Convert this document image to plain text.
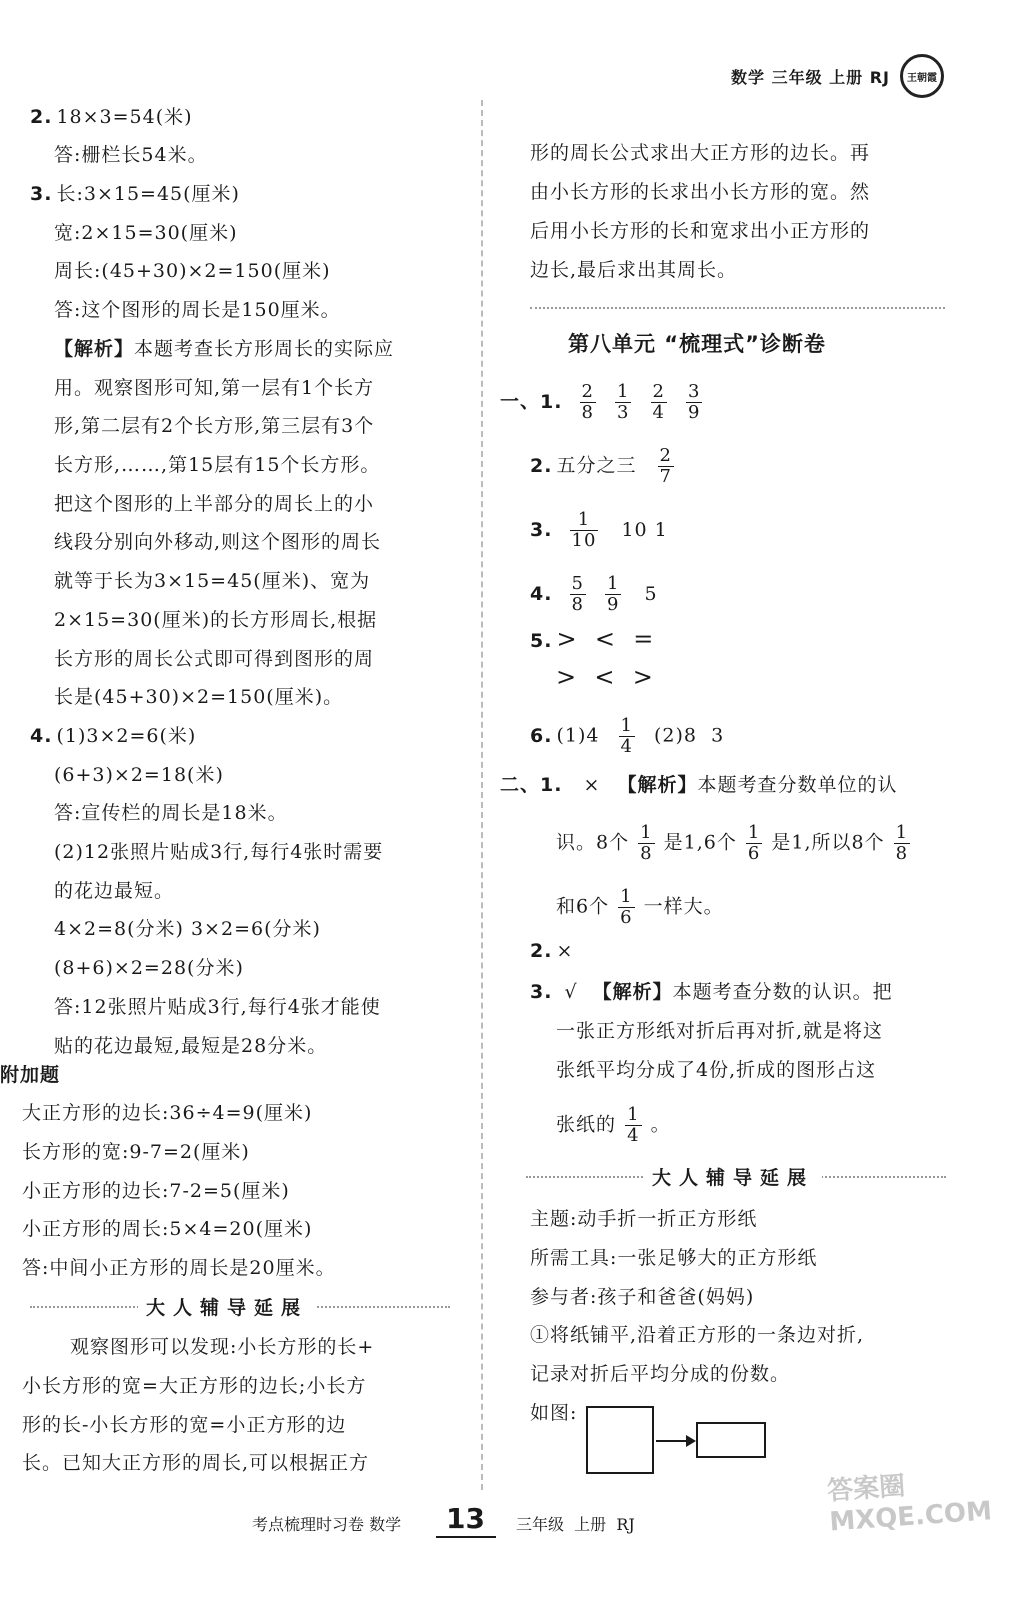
数学 三年级 上册 RJ 王朝霞
2. 18×3=54(米)
答:栅栏长54米。
3. 长:3×15=45(厘米)
宽:2×15=30(厘米)
周长:(45+30)×2=150(厘米)
答:这个图形的周长是150厘米。
【解析】本题考查长方形周长的实际应
用。观察图形可知,第一层有1个长方
形,第二层有2个长方形,第三层有3个
长方形,……,第15层有15个长方形。
把这个图形的上半部分的周长上的小
线段分别向外移动,则这个图形的周长
就等于长为3×15=45(厘米)、宽为
2×15=30(厘米)的长方形周长,根据
长方形的周长公式即可得到图形的周
长是(45+30)×2=150(厘米)。
4. (1)3×2=6(米)
(6+3)×2=18(米)
答:宣传栏的周长是18米。
(2)12张照片贴成3行,每行4张时需要
的花边最短。
4×2=8(分米) 3×2=6(分米)
(8+6)×2=28(分米)
答:12张照片贴成3行,每行4张才能使
贴的花边最短,最短是28分米。
附加题
大正方形的边长:36÷4=9(厘米)
长方形的宽:9-7=2(厘米)
小正方形的边长:7-2=5(厘米)
小正方形的周长:5×4=20(厘米)
答:中间小正方形的周长是20厘米。
大人辅导延展
观察图形可以发现:小长方形的长+
小长方形的宽=大正方形的边长;小长方
形的长-小长方形的宽=小正方形的边
长。已知大正方形的周长,可以根据正方
形的周长公式求出大正方形的边长。再
由小长方形的长求出小长方形的宽。然
后用小长方形的长和宽求出小正方形的
边长,最后求出其周长。
第八单元 “梳理式”诊断卷
一、1. $\frac{2}{8}$
$\frac{1}{3}$
$\frac{2}{4}$
$\frac{3}{9}$
2. 五分之三 $\frac{2}{7}$
3. $\frac{1}{10} 10$ 1
4. $\frac{5}{8}$
$\frac{1}{9} 5$
5. >  <  =
>  <  >
6. $(1)4 \frac{1}{4} (2)8$  3
二、1. × 【解析】本题考查分数单位的认
识。8个 $\frac{1}{8}$ 是1,6个 $\frac{1}{6}$ 是1,所以8个 $\frac{1}{8}$
和6个 $\frac{1}{6}$ 一样大。
2. ×
3. √ 【解析】本题考查分数的认识。把
一张正方形纸对折后再对折,就是将这
张纸平均分成了4份,折成的图形占这
张纸的 $\frac{1}{4}$ 。
大人辅导延展
主题:动手折一折正方形纸
所需工具:一张足够大的正方形纸
参与者:孩子和爸爸(妈妈)
①将纸铺平,沿着正方形的一条边对折,
记录对折后平均分成的份数。
如图:
考点梳理时习卷 数学 13 三年级  上册  RJ
答案圈 MXQE.COM
